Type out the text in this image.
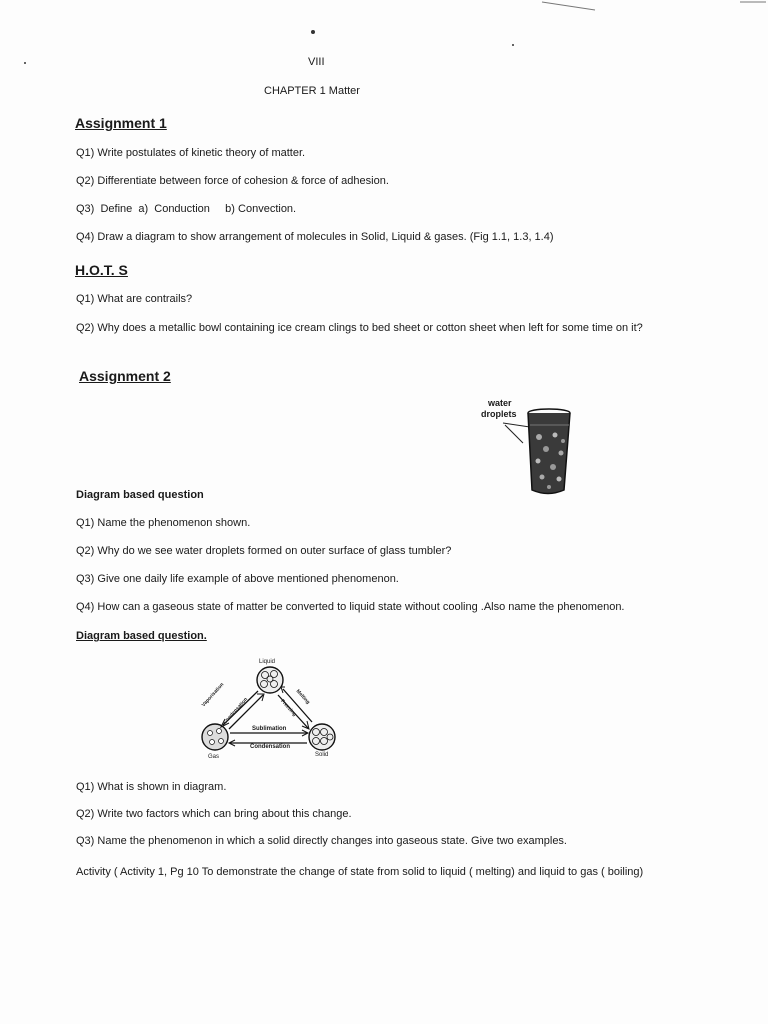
VIII
CHAPTER 1 Matter
Assignment 1
Q1) Write postulates of kinetic theory of matter.
Q2) Differentiate between force of cohesion & force of adhesion.
Q3)  Define  a)  Conduction     b) Convection.
Q4) Draw a diagram to show arrangement of molecules in Solid, Liquid & gases. (Fig 1.1, 1.3, 1.4)
H.O.T. S
Q1) What are contrails?
Q2) Why does a metallic bowl containing ice cream clings to bed sheet or cotton sheet when left for some time on it?
Assignment 2
water
droplets
Diagram based question
Q1) Name the phenomenon shown.
Q2) Why do we see water droplets formed on outer surface of glass tumbler?
Q3) Give one daily life example of above mentioned phenomenon.
Q4) How can a gaseous state of matter be converted to liquid state without cooling .Also name the phenomenon.
Diagram based question.
Liquid
Vaporisation
Condensation	Melting
Freezing
Sublimation
Condensation
Gas	Solid
Q1) What is shown in diagram.
Q2) Write two factors which can bring about this change.
Q3) Name the phenomenon in which a solid directly changes into gaseous state. Give two examples.
Activity ( Activity 1, Pg 10 To demonstrate the change of state from solid to liquid ( melting) and liquid to gas ( boiling)
